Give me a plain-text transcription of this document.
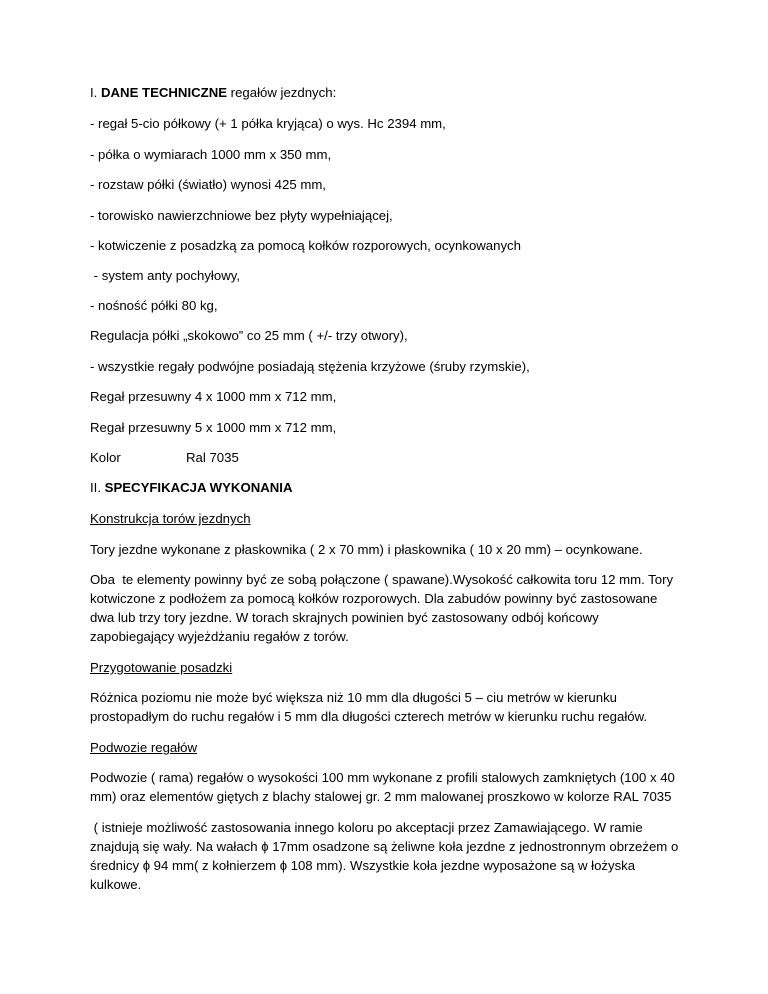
I. DANE TECHNICZNE regałów jezdnych:
- regał 5-cio półkowy (+ 1 półka kryjąca) o wys. Hc 2394 mm,
- półka o wymiarach 1000 mm x 350 mm,
- rozstaw półki (światło) wynosi 425 mm,
- torowisko nawierzchniowe bez płyty wypełniającej,
- kotwiczenie z posadzką za pomocą kołków rozporowych, ocynkowanych
- system anty pochyłowy,
- nośność półki 80 kg,
Regulacja półki „skokowo” co 25 mm ( +/- trzy otwory),
- wszystkie regały podwójne posiadają stężenia krzyżowe (śruby rzymskie),
Regał przesuwny 4 x 1000 mm x 712 mm,
Regał przesuwny 5 x 1000 mm x 712 mm,
Kolor	Ral 7035
II. SPECYFIKACJA WYKONANIA
Konstrukcja torów jezdnych
Tory jezdne wykonane z płaskownika ( 2 x 70 mm) i płaskownika ( 10 x 20 mm) – ocynkowane.
Oba  te elementy powinny być ze sobą połączone ( spawane).Wysokość całkowita toru 12 mm. Tory
kotwiczone z podłożem za pomocą kołków rozporowych. Dla zabudów powinny być zastosowane
dwa lub trzy tory jezdne. W torach skrajnych powinien być zastosowany odbój końcowy
zapobiegający wyjeżdżaniu regałów z torów.
Przygotowanie posadzki
Różnica poziomu nie może być większa niż 10 mm dla długości 5 – ciu metrów w kierunku
prostopadłym do ruchu regałów i 5 mm dla długości czterech metrów w kierunku ruchu regałów.
Podwozie regałów
Podwozie ( rama) regałów o wysokości 100 mm wykonane z profili stalowych zamkniętych (100 x 40
mm) oraz elementów giętych z blachy stalowej gr. 2 mm malowanej proszkowo w kolorze RAL 7035
( istnieje możliwość zastosowania innego koloru po akceptacji przez Zamawiającego. W ramie
znajdują się wały. Na wałach ɸ 17mm osadzone są żeliwne koła jezdne z jednostronnym obrzeżem o
średnicy ɸ 94 mm( z kołnierzem ɸ 108 mm). Wszystkie koła jezdne wyposażone są w łożyska
kulkowe.
